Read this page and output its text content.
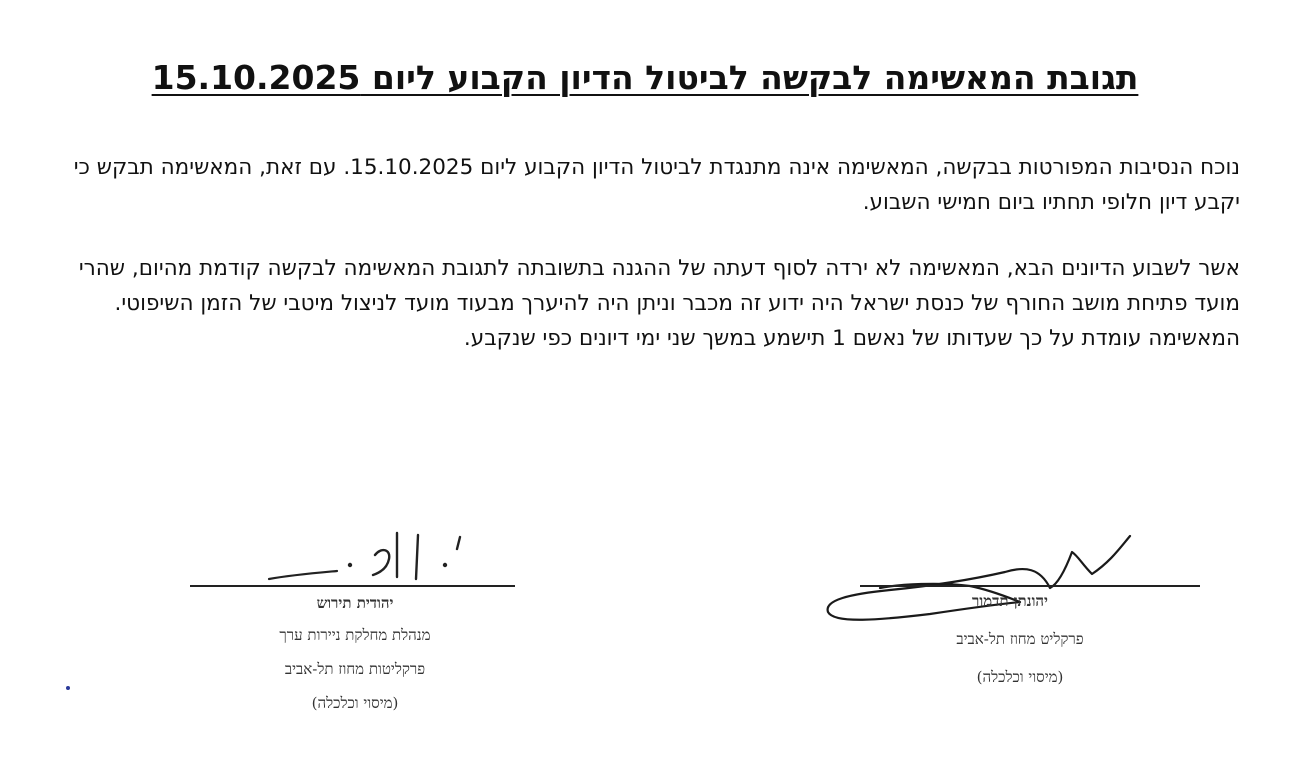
תגובת המאשימה לבקשה לביטול הדיון הקבוע ליום 15.10.2025

נוכח הנסיבות המפורטות בבקשה, המאשימה אינה מתנגדת לביטול הדיון הקבוע ליום 15.10.2025. עם זאת, המאשימה תבקש כי יקבע דיון חלופי תחתיו ביום חמישי השבוע.

אשר לשבוע הדיונים הבא, המאשימה לא ירדה לסוף דעתה של ההגנה בתשובתה לתגובת המאשימה לבקשה קודמת מהיום, שהרי מועד פתיחת מושב החורף של כנסת ישראל היה ידוע זה מכבר וניתן היה להיערך מבעוד מועד לניצול מיטבי של הזמן השיפוטי. המאשימה עומדת על כך שעדותו של נאשם 1 תישמע במשך שני ימי דיונים כפי שנקבע.

יהודית תירוש
מנהלת מחלקת ניירות ערך
פרקליטות מחוז תל-אביב
(מיסוי וכלכלה)
יהונתן תדמור
פרקליט מחוז תל-אביב
(מיסוי וכלכלה)
